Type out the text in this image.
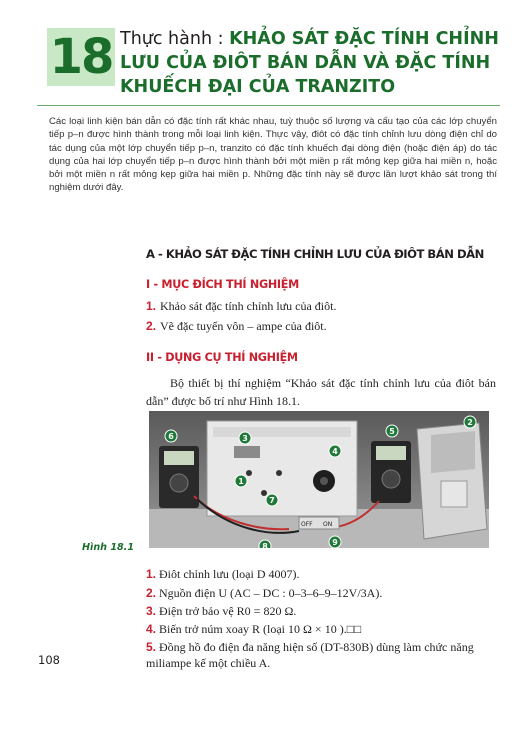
18 Thực hành : KHẢO SÁT ĐẶC TÍNH CHỈNH LƯU CỦA ĐIÔT BÁN DẪN VÀ ĐẶC TÍNH KHUẾCH ĐẠI CỦA TRANZITO

Các loại linh kiện bán dẫn có đặc tính rất khác nhau, tuỳ thuộc số lượng và cấu tạo của các lớp chuyển tiếp p–n được hình thành trong mỗi loại linh kiện. Thực vậy, điôt có đặc tính chỉnh lưu dòng điện chỉ do tác dụng của một lớp chuyển tiếp p–n, tranzito có đặc tính khuếch đại dòng điện (hoặc điện áp) do tác dụng của hai lớp chuyển tiếp p–n được hình thành bởi một miền p rất mỏng kẹp giữa hai miền n, hoặc bởi một miền n rất mỏng kẹp giữa hai miền p. Những đặc tính này sẽ được lần lượt khảo sát trong thí nghiệm dưới đây.

A - KHẢO SÁT ĐẶC TÍNH CHỈNH LƯU CỦA ĐIÔT BÁN DẪN
I - MỤC ĐÍCH THÍ NGHIỆM
1. Khảo sát đặc tính chỉnh lưu của điôt.
2. Vẽ đặc tuyến vôn – ampe của điôt.
II - DỤNG CỤ THÍ NGHIỆM

Bộ thiết bị thí nghiệm “Khảo sát đặc tính chỉnh lưu của điôt bán dẫn” được bố trí như Hình 18.1.

OFF ON
1
2
3
4
5
6
7
8	9
Hình 18.1
1. Điôt chỉnh lưu (loại D 4007).
2. Nguồn điện U (AC – DC : 0–3–6–9–12V/3A).
3. Điện trở bảo vệ R0 = 820 Ω.
4. Biến trở núm xoay R (loại 10 Ω × 10 ).□□
5. Đồng hồ đo điện đa năng hiện số (DT-830B) dùng làm chức năng miliampe kế một chiều A.
108
